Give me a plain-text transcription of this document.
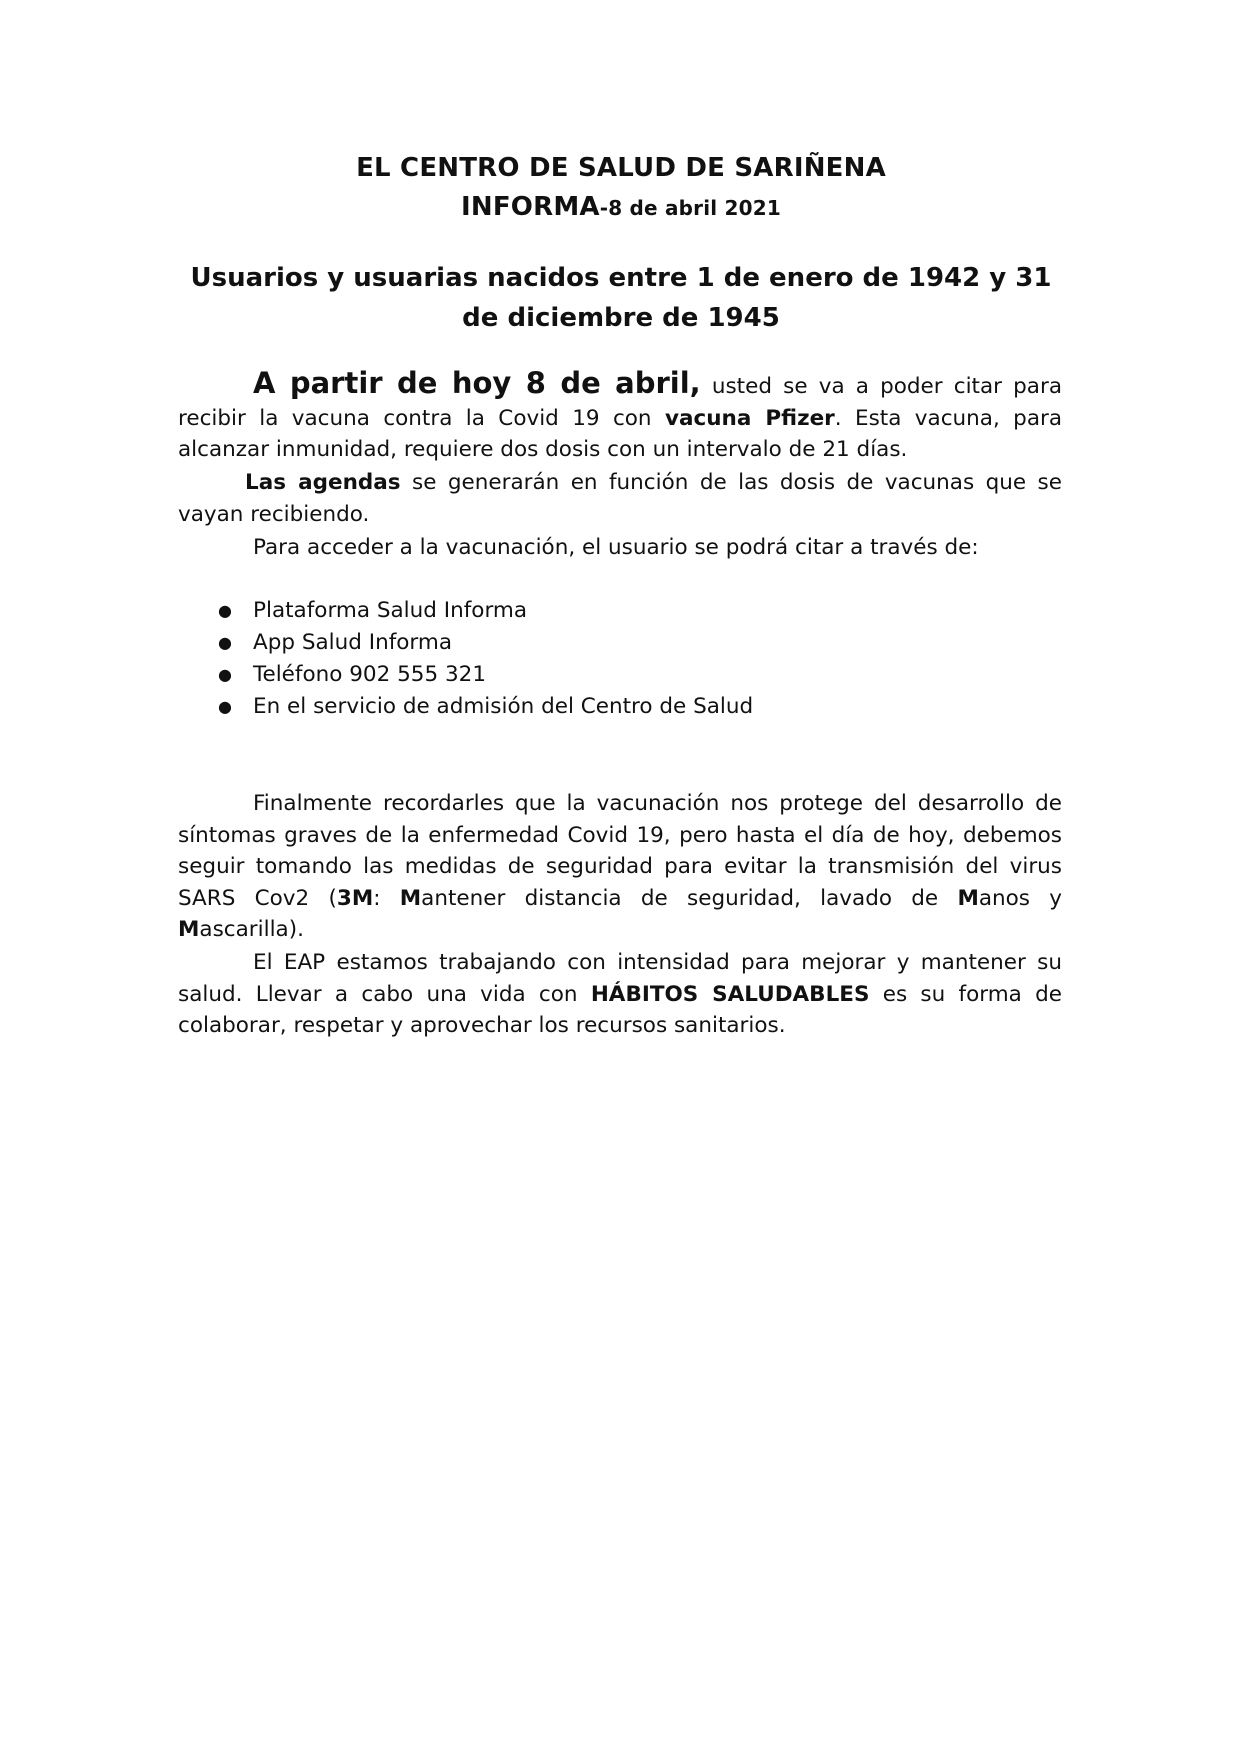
EL CENTRO DE SALUD DE SARIÑENA
INFORMA-8 de abril 2021
Usuarios y usuarias nacidos entre 1 de enero de 1942 y 31 de diciembre de 1945

A partir de hoy 8 de abril, usted se va a poder citar para recibir la vacuna contra la Covid 19 con vacuna Pfizer. Esta vacuna, para alcanzar inmunidad, requiere dos dosis con un intervalo de 21 días.

Las agendas se generarán en función de las dosis de vacunas que se vayan recibiendo.

Para acceder a la vacunación, el usuario se podrá citar a través de:

● Plataforma Salud Informa
● App Salud Informa
● Teléfono 902 555 321
● En el servicio de admisión del Centro de Salud

Finalmente recordarles que la vacunación nos protege del desarrollo de síntomas graves de la enfermedad Covid 19, pero hasta el día de hoy, debemos seguir tomando las medidas de seguridad para evitar la transmisión del virus SARS Cov2 (3M: Mantener distancia de seguridad, lavado de Manos y Mascarilla).

El EAP estamos trabajando con intensidad para mejorar y mantener su salud. Llevar a cabo una vida con HÁBITOS SALUDABLES es su forma de colaborar, respetar y aprovechar los recursos sanitarios.
